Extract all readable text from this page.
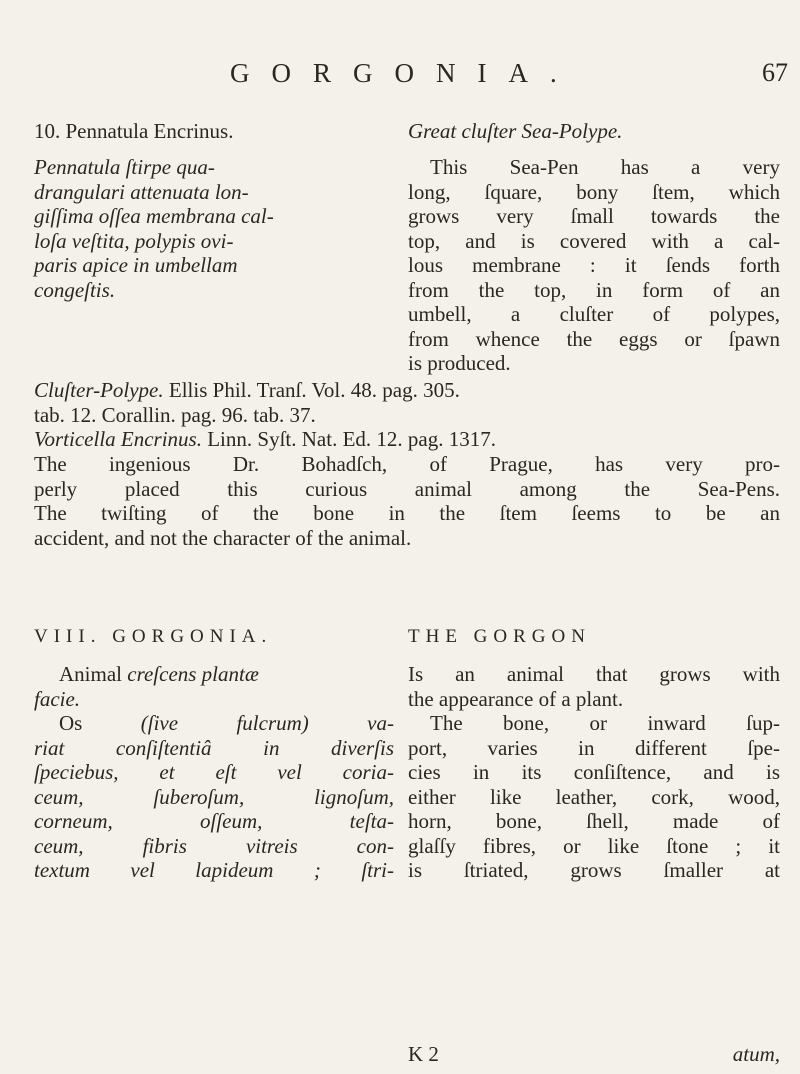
GORGONIA.	67
10. Pennatula Encrinus.	Great cluſter Sea-Polype.
Pennatula ſtirpe qua-
drangulari attenuata lon-
giſſima oſſea membrana cal-
loſa veſtita, polypis ovi-
paris apice in umbellam
congeſtis.
This Sea-Pen has a very
long, ſquare, bony ſtem, which
grows very ſmall towards the
top, and is covered with a cal-
lous membrane : it ſends forth
from the top, in form of an
umbell, a cluſter of polypes,
from whence the eggs or ſpawn
is produced.
Cluſter-Polype. Ellis Phil. Tranſ. Vol. 48. pag. 305.
tab. 12. Corallin. pag. 96. tab. 37.
Vorticella Encrinus. Linn. Syſt. Nat. Ed. 12. pag. 1317.
The ingenious Dr. Bohadſch, of Prague, has very pro-
perly placed this curious animal among the Sea-Pens.
The twiſting of the bone in the ſtem ſeems to be an
accident, and not the character of the animal.
VIII. GORGONIA.	THE GORGON
Animal creſcens plantæ
facie.
Os (ſive fulcrum) va-
riat conſiſtentiâ in diverſis
ſpeciebus, et eſt vel coria-
ceum, ſuberoſum, lignoſum,
corneum, oſſeum, teſta-
ceum, fibris vitreis con-
textum vel lapideum ; ſtri-
Is an animal that grows with
the appearance of a plant.
The bone, or inward ſup-
port, varies in different ſpe-
cies in its conſiſtence, and is
either like leather, cork, wood,
horn, bone, ſhell, made of
glaſſy fibres, or like ſtone ; it
is ſtriated, grows ſmaller at
K 2	atum,
